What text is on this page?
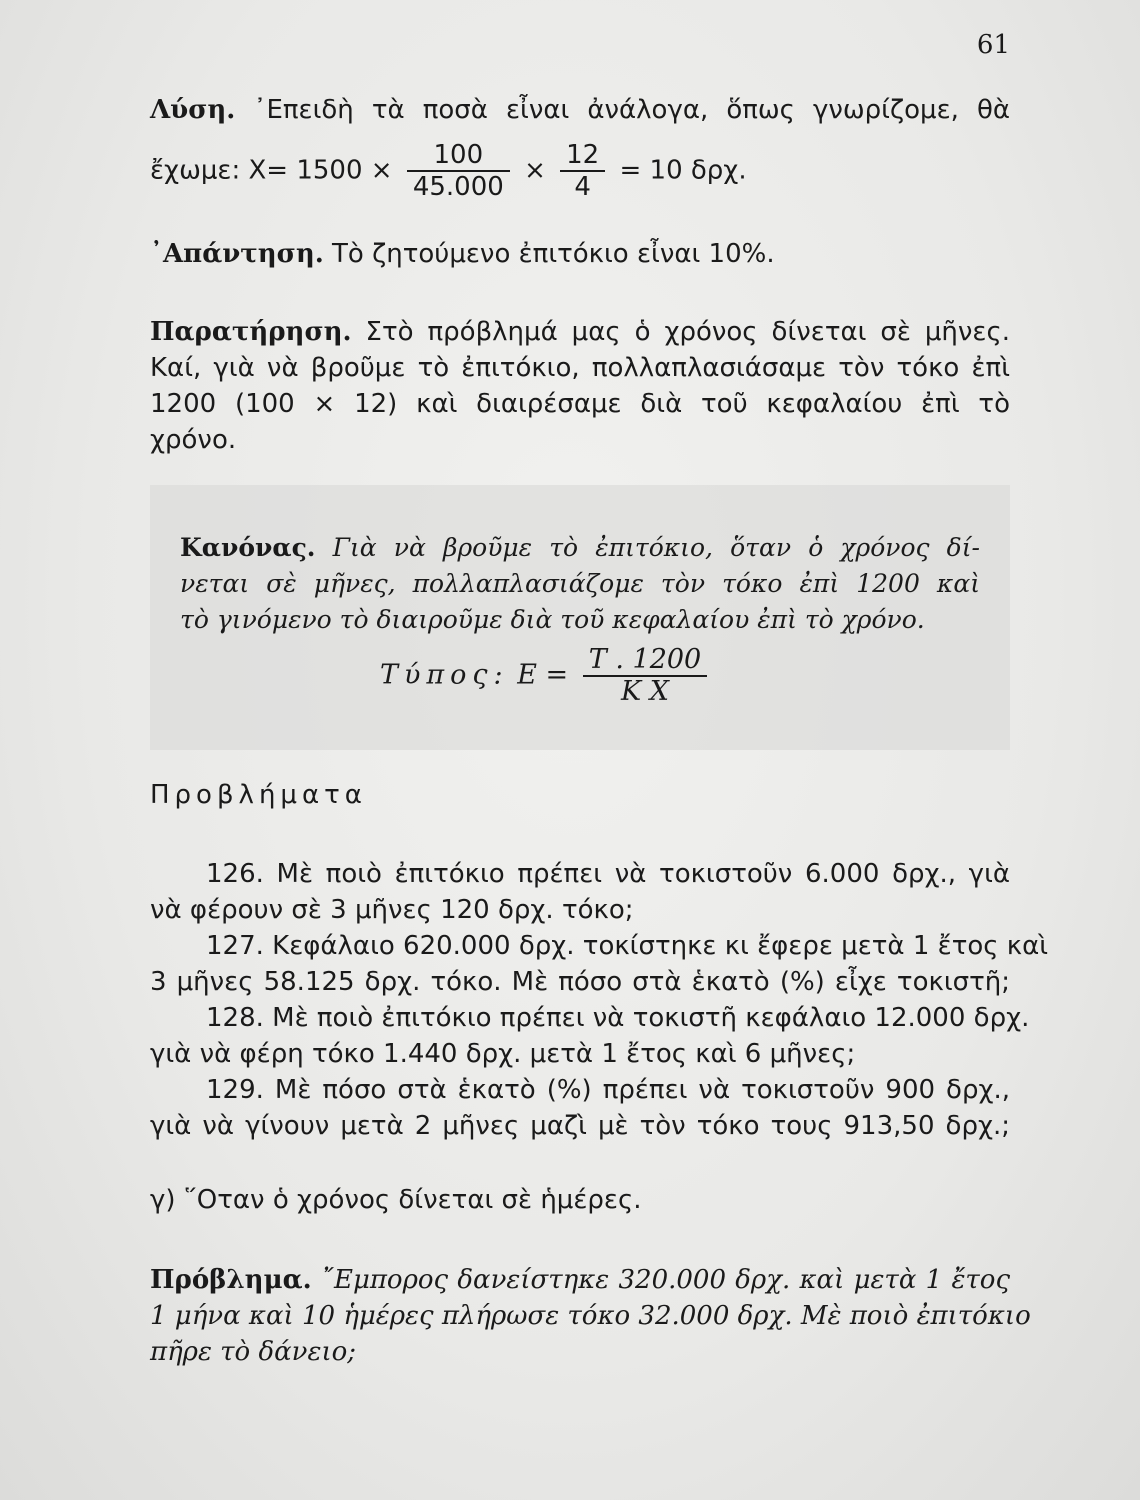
61
Λύση. ᾿Επειδὴ τὰ ποσὰ εἶναι ἀνάλογα, ὅπως γνωρίζομε, θὰ
ἔχωμε: $X= 1500 \times \frac{100}{45.000} \times \frac{12}{4} = 10$ δρχ.
᾿Απάντηση. Τὸ ζητούμενο ἐπιτόκιο εἶναι 10%.
Παρατήρηση. Στὸ πρόβλημά μας ὁ χρόνος δίνεται σὲ μῆνες.
Καί, γιὰ νὰ βροῦμε τὸ ἐπιτόκιο, πολλαπλασιάσαμε τὸν τόκο ἐπὶ
1200 (100 × 12) καὶ διαιρέσαμε διὰ τοῦ κεφαλαίου ἐπὶ τὸ
χρόνο.
Κανόνας. Γιὰ νὰ βροῦμε τὸ ἐπιτόκιο, ὅταν ὁ χρόνος δί-
νεται σὲ μῆνες, πολλαπλασιάζομε τὸν τόκο ἐπὶ 1200 καὶ
τὸ γινόμενο τὸ διαιροῦμε διὰ τοῦ κεφαλαίου ἐπὶ τὸ χρόνο.
Τύπος: $E = \frac{T . 1200}{\text{K X}}$
Προβλήματα
126. Μὲ ποιὸ ἐπιτόκιο πρέπει νὰ τοκιστοῦν 6.000 δρχ., γιὰ
νὰ φέρουν σὲ 3 μῆνες 120 δρχ. τόκο;
127. Κεφάλαιο 620.000 δρχ. τοκίστηκε κι ἔφερε μετὰ 1 ἔτος καὶ
3 μῆνες 58.125 δρχ. τόκο. Μὲ πόσο στὰ ἑκατὸ (%) εἶχε τοκιστῆ;
128. Μὲ ποιὸ ἐπιτόκιο πρέπει νὰ τοκιστῆ κεφάλαιο 12.000 δρχ.
γιὰ νὰ φέρη τόκο 1.440 δρχ. μετὰ 1 ἔτος καὶ 6 μῆνες;
129. Μὲ πόσο στὰ ἑκατὸ (%) πρέπει νὰ τοκιστοῦν 900 δρχ.,
γιὰ νὰ γίνουν μετὰ 2 μῆνες μαζὶ μὲ τὸν τόκο τους 913,50 δρχ.;
γ) ῞Οταν ὁ χρόνος δίνεται σὲ ἡμέρες.
Πρόβλημα. ῎Εμπορος δανείστηκε 320.000 δρχ. καὶ μετὰ 1 ἔτος
1 μήνα καὶ 10 ἡμέρες πλήρωσε τόκο 32.000 δρχ. Μὲ ποιὸ ἐπιτόκιο
πῆρε τὸ δάνειο;
